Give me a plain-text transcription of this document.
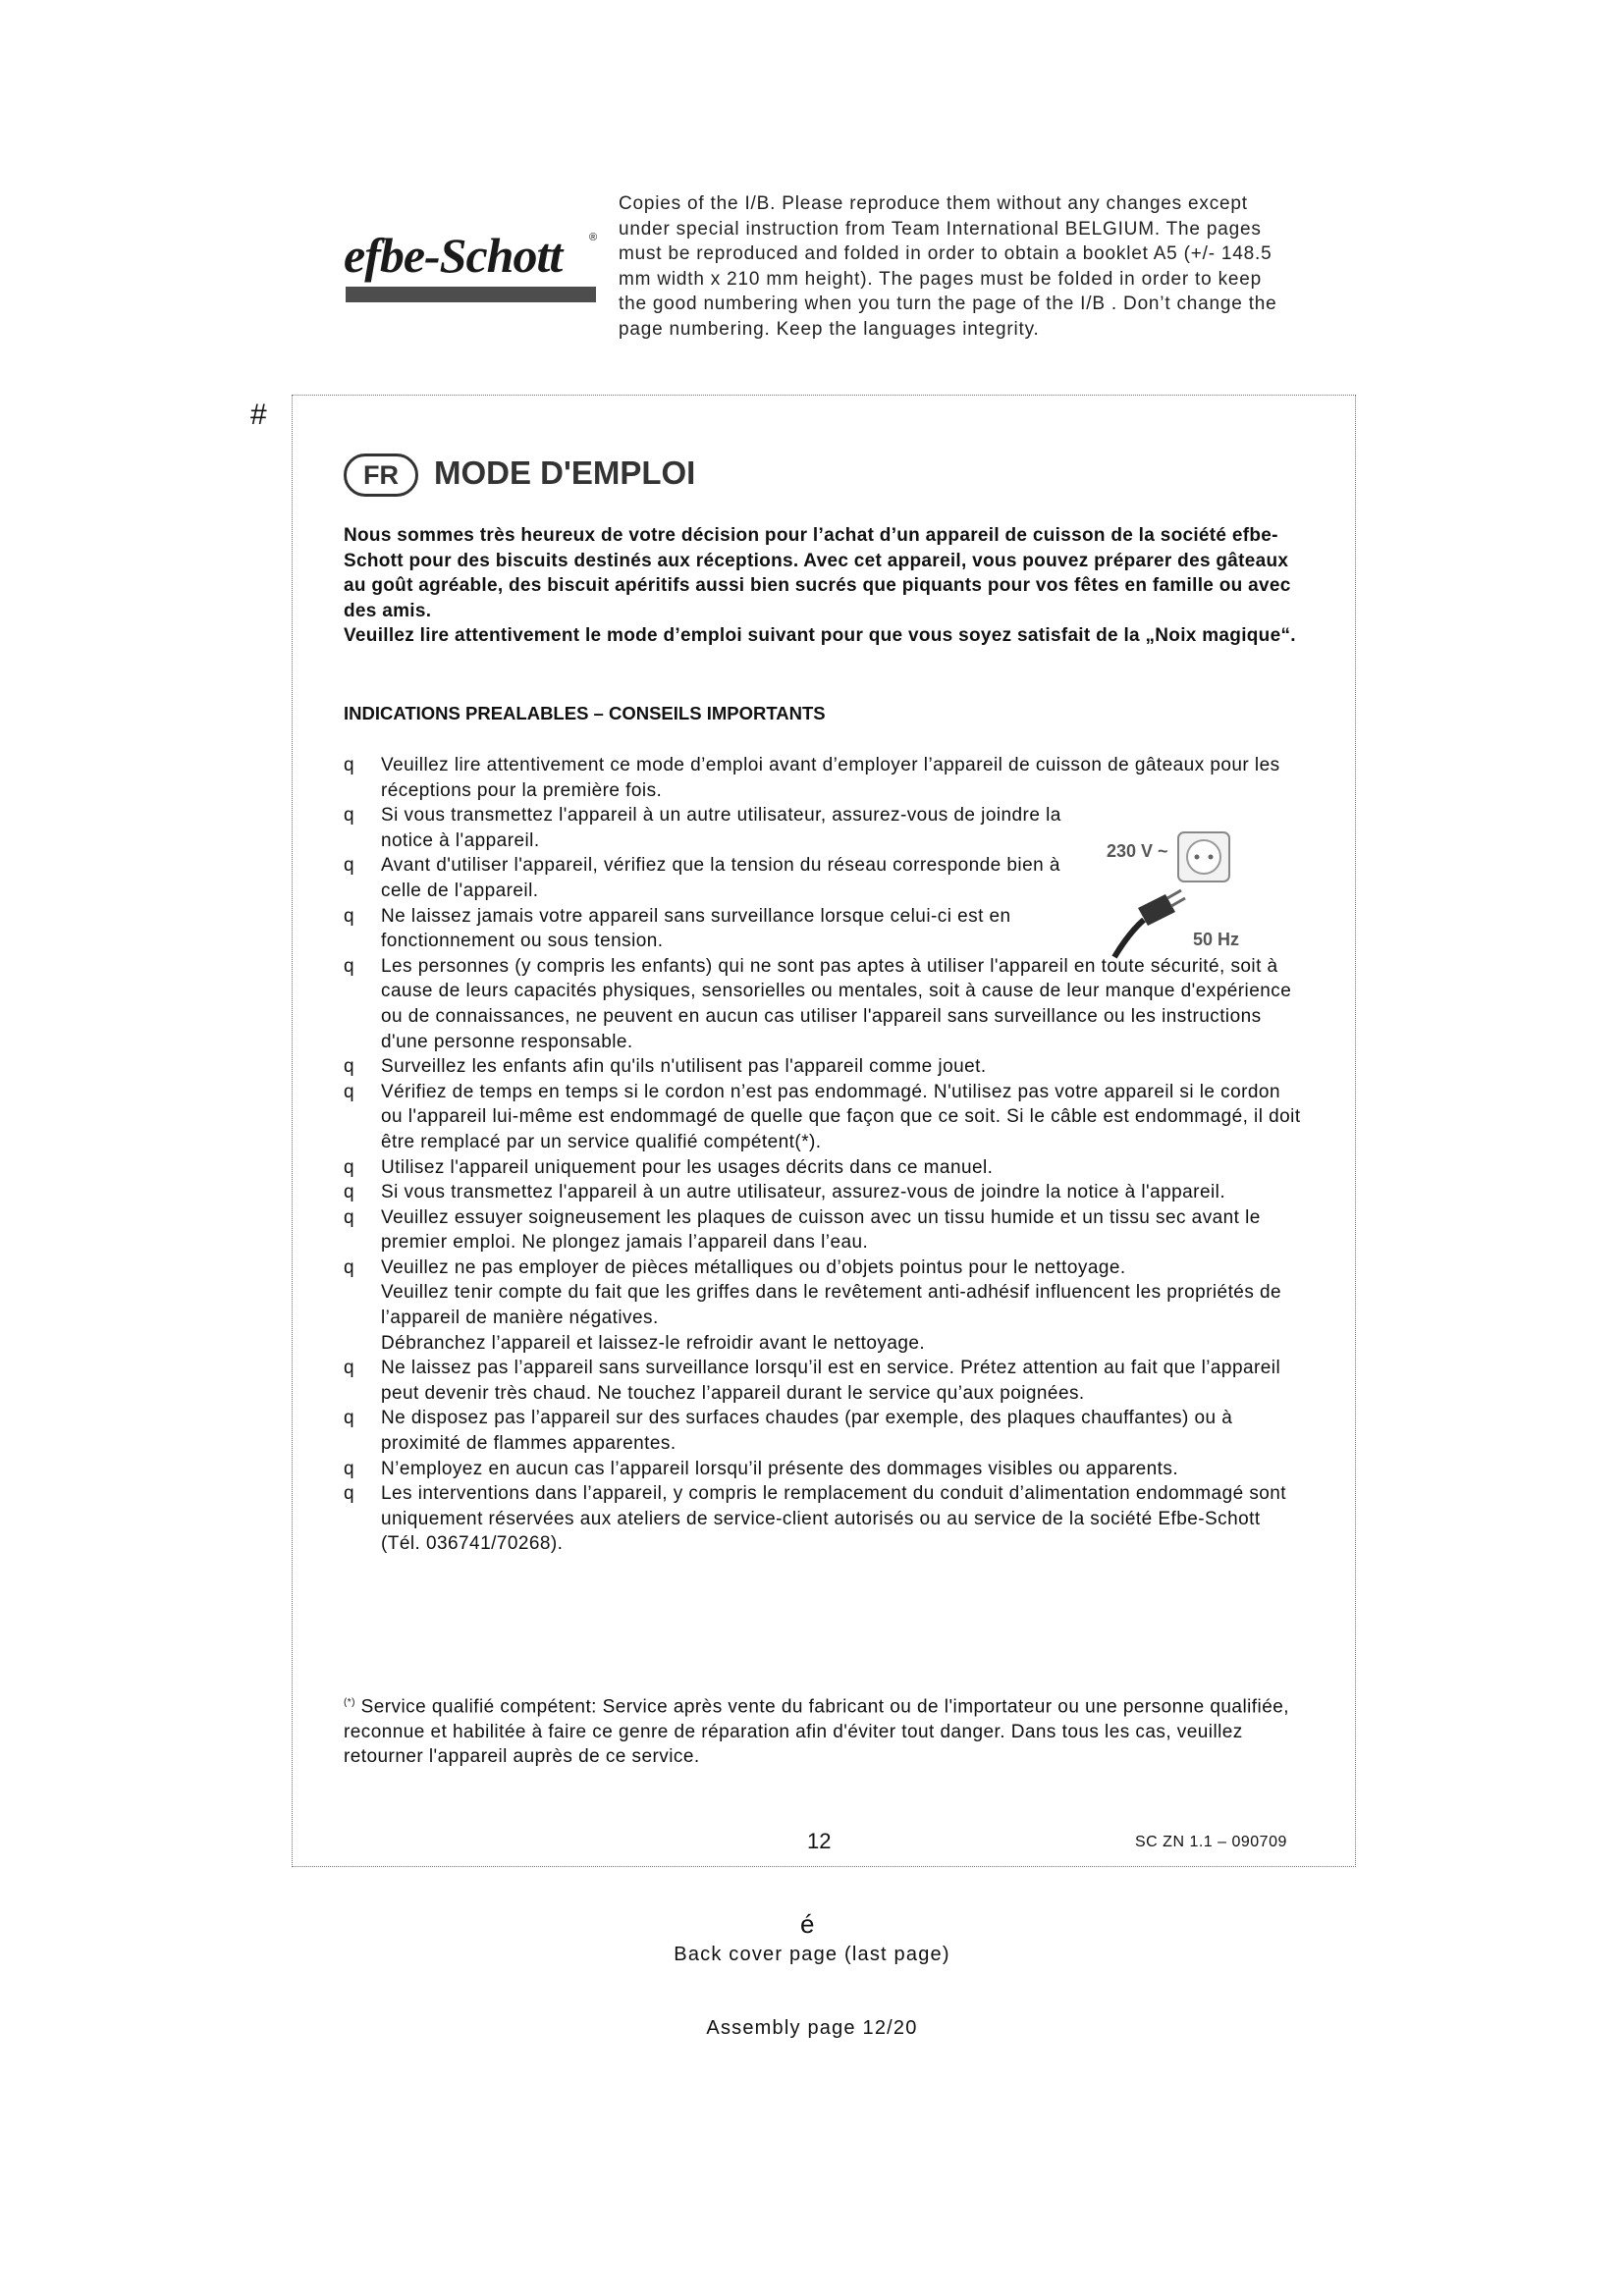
efbe-Schott	®
Copies of the I/B. Please reproduce them without any changes except under special instruction from Team International BELGIUM. The pages must be reproduced and folded in order to obtain a booklet A5 (+/- 148.5 mm width x 210 mm height). The pages must be folded in order to keep the good numbering when you turn the page of the I/B . Don’t change the page numbering. Keep the languages integrity.
#
FR	MODE D'EMPLOI

Nous sommes très heureux de votre décision pour l’achat d’un appareil de cuisson de la société efbe-Schott pour des biscuits destinés aux réceptions. Avec cet appareil, vous pouvez préparer des gâteaux au goût agréable, des biscuit apéritifs aussi bien sucrés que piquants pour vos fêtes en famille ou avec des amis.

Veuillez lire attentivement le mode d’emploi suivant pour que vous soyez satisfait de la „Noix magique“.

INDICATIONS PREALABLES – CONSEILS IMPORTANTS
q Veuillez lire attentivement ce mode d’emploi avant d’employer l’appareil de cuisson de gâteaux pour les réceptions pour la première fois.
q Si vous transmettez l'appareil à un autre utilisateur, assurez-vous de joindre la notice à l'appareil.
q Avant d'utiliser l'appareil, vérifiez que la tension du réseau corresponde bien à celle de l'appareil.
q Ne laissez jamais votre appareil sans surveillance lorsque celui-ci est en fonctionnement ou sous tension.
q Les personnes (y compris les enfants) qui ne sont pas aptes à utiliser l'appareil en toute sécurité, soit à cause de leurs capacités physiques, sensorielles ou mentales, soit à cause de leur manque d'expérience ou de connaissances, ne peuvent en aucun cas utiliser l'appareil sans surveillance ou les instructions d'une personne responsable.
q Surveillez les enfants afin qu'ils n'utilisent pas l'appareil comme jouet.
q Vérifiez de temps en temps si le cordon n’est pas endommagé. N'utilisez pas votre appareil si le cordon ou l'appareil lui-même est endommagé de quelle que façon que ce soit. Si le câble est endommagé, il doit être remplacé par un service qualifié compétent(*).
q Utilisez l'appareil uniquement pour les usages décrits dans ce manuel.
q Si vous transmettez l'appareil à un autre utilisateur, assurez-vous de joindre la notice à l'appareil.
q Veuillez essuyer soigneusement les plaques de cuisson avec un tissu humide et un tissu sec avant le premier emploi. Ne plongez jamais l’appareil dans l’eau.
q Veuillez ne pas employer de pièces métalliques ou d’objets pointus pour le nettoyage.
Veuillez tenir compte du fait que les griffes dans le revêtement anti-adhésif influencent les propriétés de l’appareil de manière négatives.
Débranchez l’appareil et laissez-le refroidir avant le nettoyage.
q Ne laissez pas l’appareil sans surveillance lorsqu’il est en service. Prétez attention au fait que l’appareil peut devenir très chaud. Ne touchez l’appareil durant le service qu’aux poignées.
q Ne disposez pas l’appareil sur des surfaces chaudes (par exemple, des plaques chauffantes) ou à proximité de flammes apparentes.
q N’employez en aucun cas l’appareil lorsqu’il présente des dommages visibles ou apparents.
q Les interventions dans l’appareil, y compris le remplacement du conduit d’alimentation endommagé sont uniquement réservées aux ateliers de service-client autorisés ou au service de la société Efbe-Schott (Tél. 036741/70268).
230 V ~
50 Hz
(*) Service qualifié compétent: Service après vente du fabricant ou de l'importateur ou une personne qualifiée, reconnue et habilitée à faire ce genre de réparation afin d'éviter tout danger. Dans tous les cas, veuillez retourner l'appareil auprès de ce service.
12	SC ZN 1.1 – 090709
é
Back cover page (last page)
Assembly page 12/20
